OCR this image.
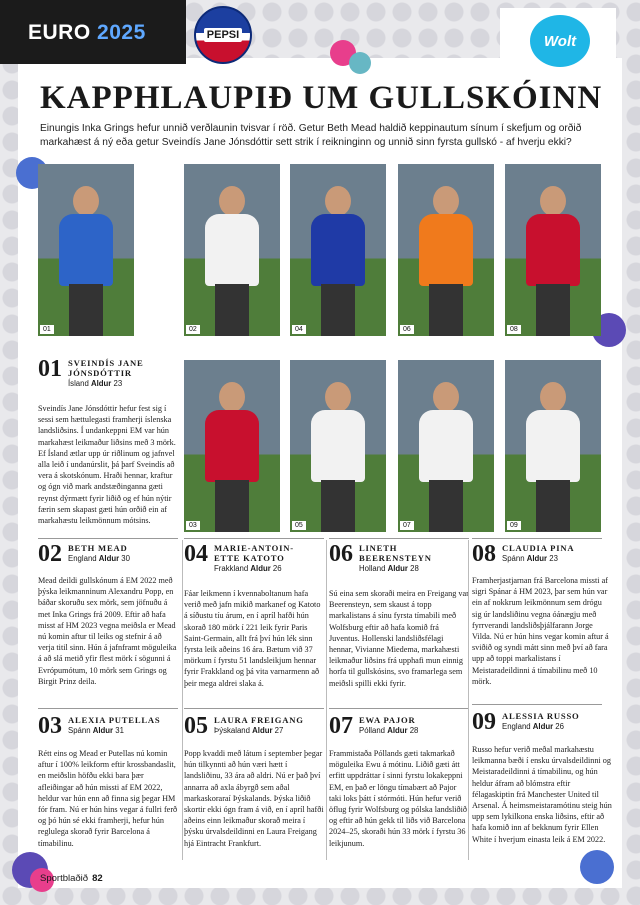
EURO 2025	PEPSI	Wolt
KAPPHLAUPIÐ UM GULLSKÓINN
Einungis Inka Grings hefur unnið verðlaunin tvisvar í röð. Getur Beth Mead haldið keppinautum sínum í skefjum og orðið markahæst á ný eða getur Sveindís Jane Jónsdóttir sett strik í reikninginn og unnið sinn fyrsta gullskó - af hverju ekki?
01	02	04	06	08
03	05	07	09
01 SVEINDÍS JANE
JÓNSDÓTTIR
Ísland Aldur 23
Sveindís Jane Jónsdóttir hefur fest sig í sessi sem hættulegasti framherji íslenska landsliðsins. Í undankeppni EM var hún markahæst leikmaður liðsins með 3 mörk. Ef Ísland ætlar upp úr riðlinum og jafnvel alla leið í undanúrslit, þá þarf Sveindís að vera á skotskónum. Hraði hennar, kraftur og ógn við mark andstæðinganna gæti reynst dýrmætt fyrir liðið og ef hún nýtir færin sem skapast gæti hún orðið ein af markahæstu leikmönnum mótsins.
02 BETH MEAD
England Aldur 30
Mead deildi gullskónum á EM 2022 með þýska leikmanninum Alexandru Popp, en báðar skoruðu sex mörk, sem jöfnuðu á met Inka Grings frá 2009. Eftir að hafa misst af HM 2023 vegna meiðsla er Mead nú komin aftur til leiks og stefnir á að verja titil sinn. Hún á jafnframt möguleika á að slá metið yfir flest mörk í sögunni á Evrópumótum, 10 mörk sem Grings og Birgit Prinz deila.
03 ALEXIA PUTELLAS
Spánn Aldur 31
Rétt eins og Mead er Putellas nú komin aftur í 100% leikform eftir krossbandaslit, en meiðslin höfðu ekki bara þær afleiðingar að hún missti af EM 2022, heldur var hún enn að finna sig þegar HM fór fram. Nú er hún hins vegar á fullri ferð og þó hún sé ekki framherji, hefur hún reglulega skorað fyrir Barcelona á tímabilinu.
04 MARIE-ANTOIN-
ETTE KATOTO
Frakkland Aldur 26
Fáar leikmenn í kvennaboltanum hafa verið með jafn mikið markanef og Katoto á síðustu tíu árum, en í apríl hafði hún skorað 180 mörk í 221 leik fyrir Paris Saint-Germain, allt frá því hún lék sinn fyrsta leik aðeins 16 ára. Bætum við 37 mörkum í fyrstu 51 landsleikjum hennar fyrir Frakkland og þá vita varnarmenn að þeir mega aldrei slaka á.
05 LAURA FREIGANG
Þýskaland Aldur 27
Popp kvaddi með látum í september þegar hún tilkynnti að hún væri hætt í landsliðinu, 33 ára að aldri. Nú er það því annarra að axla ábyrgð sem aðal markaskoraraí Þýskalands. Þýska liðið skortir ekki ógn fram á við, en í apríl hafði aðeins einn leikmaður skorað meira í þýsku úrvalsdeildinni en Laura Freigang hjá Eintracht Frankfurt.
06 LINETH
BEERENSTEYN
Holland Aldur 28
Sú eina sem skoraði meira en Freigang var Beerensteyn, sem skaust á topp markalistans á sínu fyrsta tímabili með Wolfsburg eftir að hafa komið frá Juventus. Hollenski landsliðsfélagi hennar, Vivianne Miedema, markahæsti leikmaður liðsins frá upphafi mun einnig horfa til gullskósins, svo framarlega sem meiðsli spilli ekki fyrir.
07 EWA PAJOR
Pólland Aldur 28
Frammistaða Póllands gæti takmarkað möguleika Ewu á mótinu. Liðið gæti átt erfitt uppdráttar í sinni fyrstu lokakeppni EM, en það er löngu tímabært að Pajor taki loks þátt í stórmóti. Hún hefur verið öflug fyrir Wolfsburg og pólska landsliðið og eftir að hún gekk til liðs við Barcelona 2024–25, skoraði hún 33 mörk í fyrstu 36 leikjunum.
08 CLAUDIA PINA
Spánn Aldur 23
Framherjastjarnan frá Barcelona missti af sigri Spánar á HM 2023, þar sem hún var ein af nokkrum leikmönnum sem drógu sig úr landsliðinu vegna óánægju með fyrrverandi landsliðsþjálfarann Jorge Vilda. Nú er hún hins vegar komin aftur á sviðið og syndi mátt sinn með því að fara upp að toppi markalistans í Meistaradeildinni á tímabilinu með 10 mörk.
09 ALESSIA RUSSO
England Aldur 26
Russo hefur verið meðal markahæstu leikmanna bæði í ensku úrvalsdeildinni og Meistaradeildinni á tímabilinu, og hún heldur áfram að blómstra eftir félagaskiptin frá Manchester United til Arsenal. Á heimsmeistaramótinu steig hún upp sem lykilkona enska liðsins, eftir að hafa komið inn af bekknum fyrir Ellen White í hverjum einasta leik á EM 2022.
Sportblaðið 82
